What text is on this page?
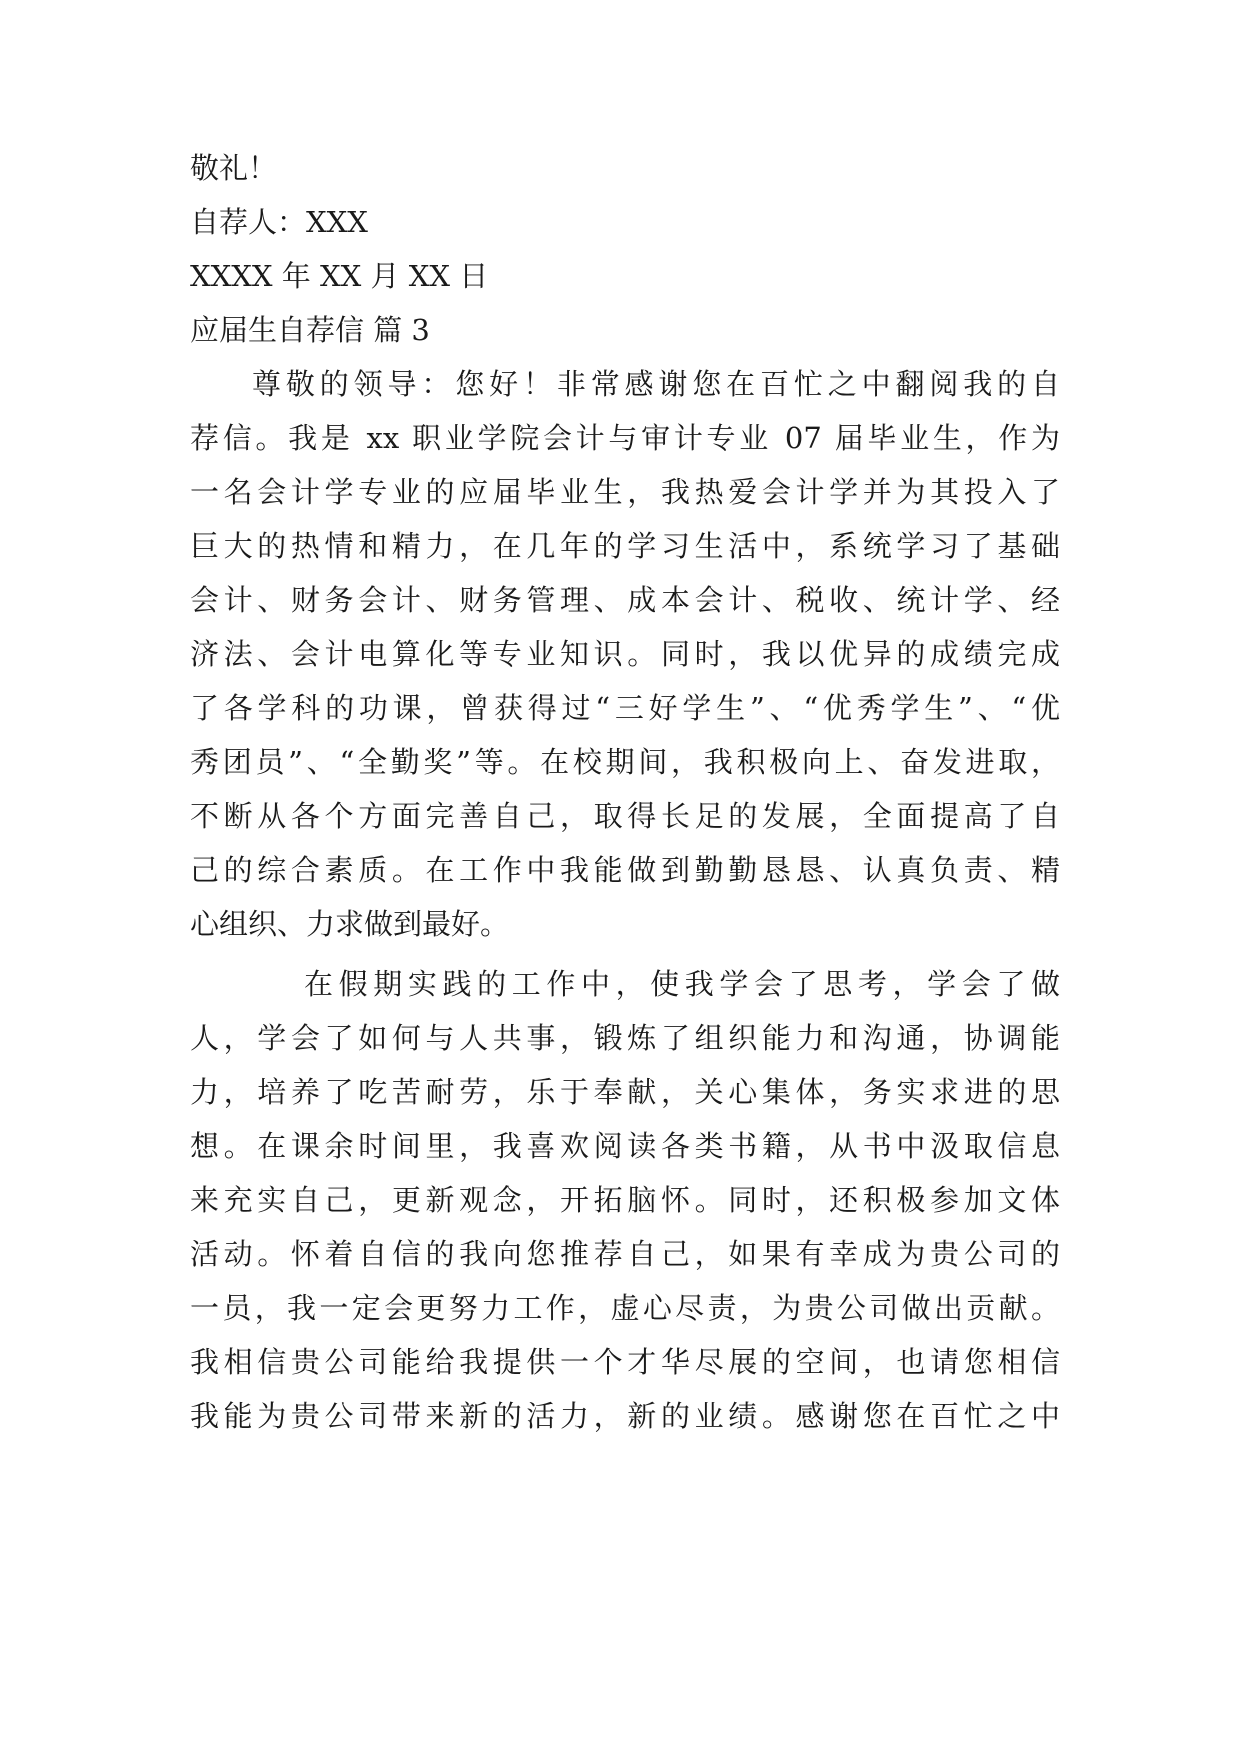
敬礼！
自荐人：XXX
XXXX 年 XX 月 XX 日
应届生自荐信 篇 3
尊敬的领导：您好！非常感谢您在百忙之中翻阅我的自
荐信。我是 xx 职业学院会计与审计专业 07 届毕业生，作为
一名会计学专业的应届毕业生，我热爱会计学并为其投入了
巨大的热情和精力，在几年的学习生活中，系统学习了基础
会计、财务会计、财务管理、成本会计、税收、统计学、经
济法、会计电算化等专业知识。同时，我以优异的成绩完成
了各学科的功课，曾获得过“三好学生”、“优秀学生”、“优
秀团员”、“全勤奖”等。在校期间，我积极向上、奋发进取，
不断从各个方面完善自己，取得长足的发展，全面提高了自
己的综合素质。在工作中我能做到勤勤恳恳、认真负责、精
心组织、力求做到最好。
在假期实践的工作中，使我学会了思考，学会了做
人，学会了如何与人共事，锻炼了组织能力和沟通，协调能
力，培养了吃苦耐劳，乐于奉献，关心集体，务实求进的思
想。在课余时间里，我喜欢阅读各类书籍，从书中汲取信息
来充实自己，更新观念，开拓脑怀。同时，还积极参加文体
活动。怀着自信的我向您推荐自己，如果有幸成为贵公司的
一员，我一定会更努力工作，虚心尽责，为贵公司做出贡献。
我相信贵公司能给我提供一个才华尽展的空间，也请您相信
我能为贵公司带来新的活力，新的业绩。感谢您在百忙之中
